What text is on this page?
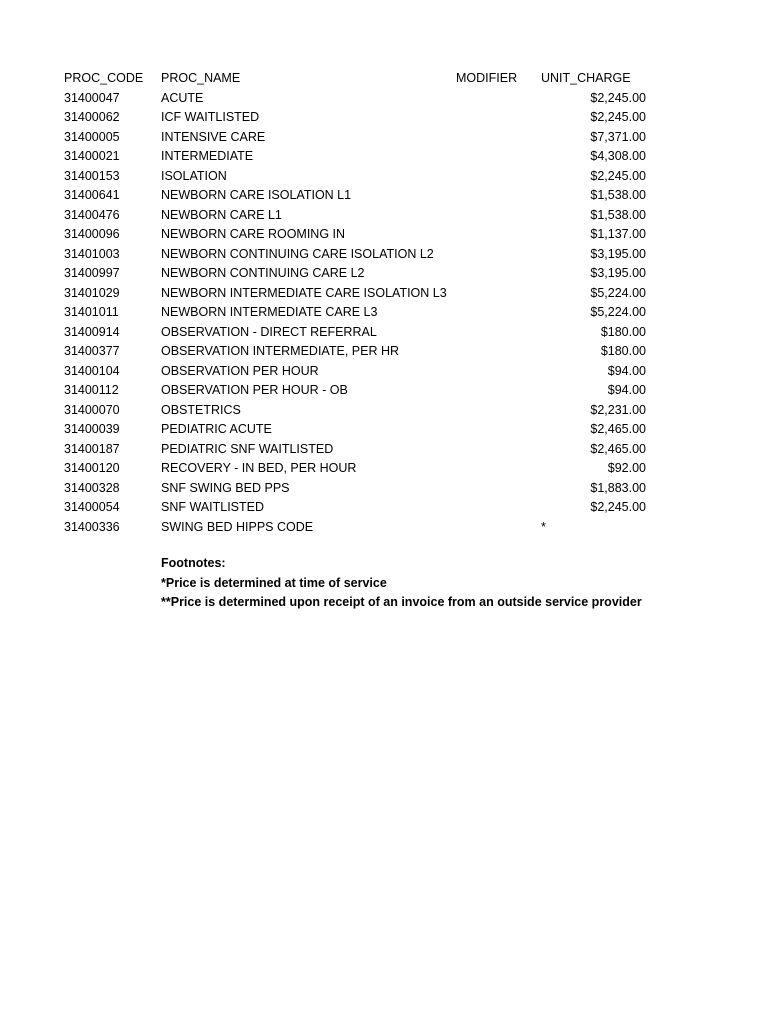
PROC_CODE PROC_NAME	MODIFIER UNIT_CHARGE
31400047	ACUTE	$2,245.00
31400062	ICF WAITLISTED	$2,245.00
31400005	INTENSIVE CARE	$7,371.00
31400021	INTERMEDIATE	$4,308.00
31400153	ISOLATION	$2,245.00
31400641	NEWBORN CARE ISOLATION L1	$1,538.00
31400476	NEWBORN CARE L1	$1,538.00
31400096	NEWBORN CARE ROOMING IN	$1,137.00
31401003	NEWBORN CONTINUING CARE ISOLATION L2	$3,195.00
31400997	NEWBORN CONTINUING CARE L2	$3,195.00
31401029	NEWBORN INTERMEDIATE CARE ISOLATION L3	$5,224.00
31401011	NEWBORN INTERMEDIATE CARE L3	$5,224.00
31400914	OBSERVATION - DIRECT REFERRAL	$180.00
31400377	OBSERVATION INTERMEDIATE, PER HR	$180.00
31400104	OBSERVATION PER HOUR	$94.00
31400112	OBSERVATION PER HOUR - OB	$94.00
31400070	OBSTETRICS	$2,231.00
31400039	PEDIATRIC ACUTE	$2,465.00
31400187	PEDIATRIC SNF WAITLISTED	$2,465.00
31400120	RECOVERY - IN BED, PER HOUR	$92.00
31400328	SNF SWING BED PPS	$1,883.00
31400054	SNF WAITLISTED	$2,245.00
31400336	SWING BED HIPPS CODE	*
Footnotes:
*Price is determined at time of service
**Price is determined upon receipt of an invoice from an outside service provider
